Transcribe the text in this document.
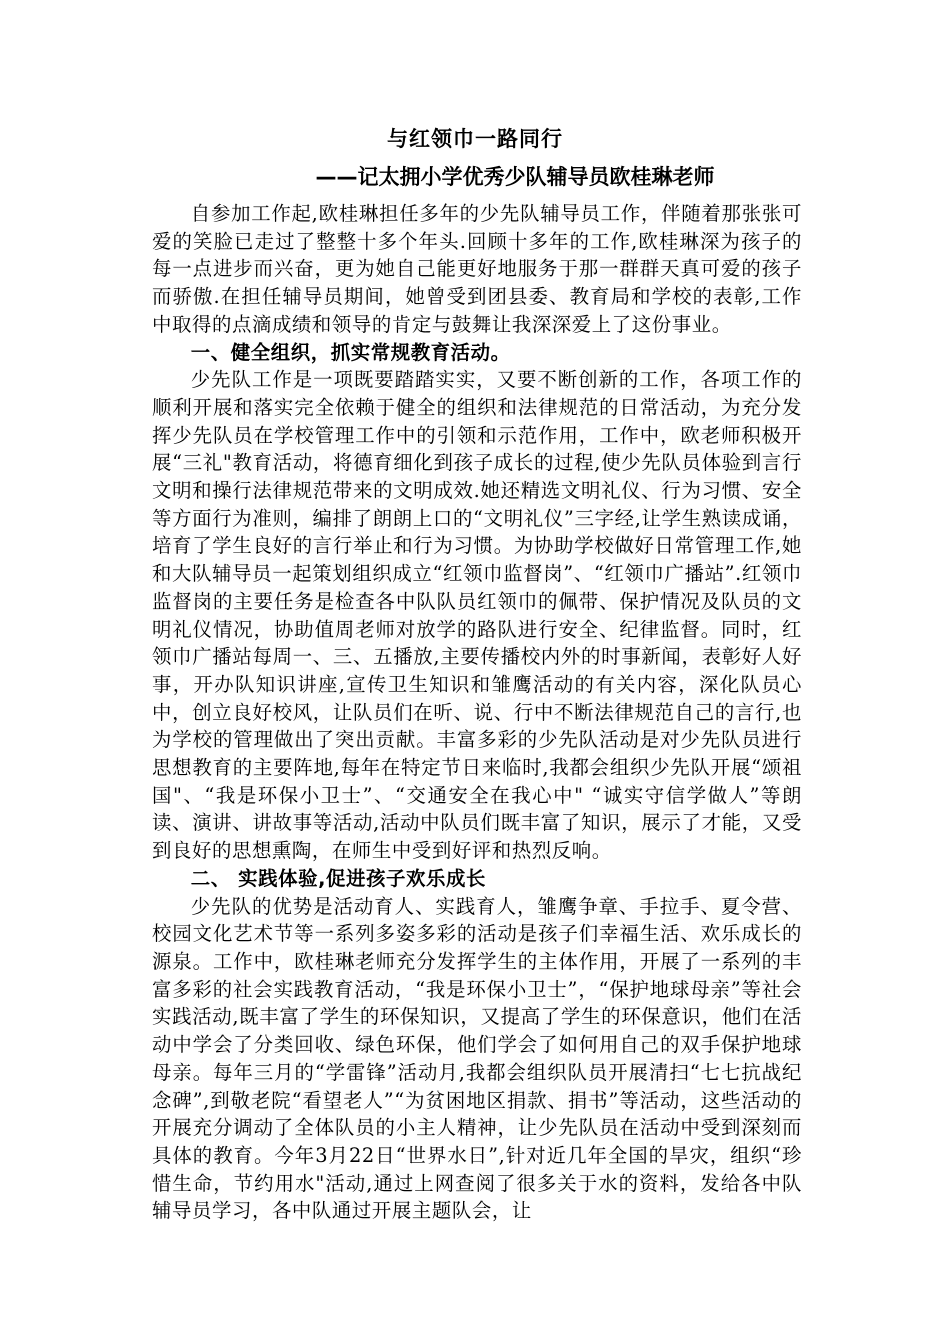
与红领巾一路同行
——记太拥小学优秀少队辅导员欧桂琳老师

自参加工作起,欧桂琳担任多年的少先队辅导员工作，伴随着那张张可爱的笑脸已走过了整整十多个年头.回顾十多年的工作,欧桂琳深为孩子的每一点进步而兴奋，更为她自己能更好地服务于那一群群天真可爱的孩子而骄傲.在担任辅导员期间，她曾受到团县委、教育局和学校的表彰,工作中取得的点滴成绩和领导的肯定与鼓舞让我深深爱上了这份事业。

一、健全组织，抓实常规教育活动。

少先队工作是一项既要踏踏实实，又要不断创新的工作，各项工作的顺利开展和落实完全依赖于健全的组织和法律规范的日常活动，为充分发挥少先队员在学校管理工作中的引领和示范作用，工作中，欧老师积极开展“三礼"教育活动，将德育细化到孩子成长的过程,使少先队员体验到言行文明和操行法律规范带来的文明成效.她还精选文明礼仪、行为习惯、安全等方面行为准则，编排了朗朗上口的“文明礼仪”三字经,让学生熟读成诵，培育了学生良好的言行举止和行为习惯。为协助学校做好日常管理工作,她和大队辅导员一起策划组织成立“红领巾监督岗”、“红领巾广播站”.红领巾监督岗的主要任务是检查各中队队员红领巾的佩带、保护情况及队员的文明礼仪情况，协助值周老师对放学的路队进行安全、纪律监督。同时，红领巾广播站每周一、三、五播放,主要传播校内外的时事新闻，表彰好人好事，开办队知识讲座,宣传卫生知识和雏鹰活动的有关内容，深化队员心中，创立良好校风，让队员们在听、说、行中不断法律规范自己的言行,也为学校的管理做出了突出贡献。丰富多彩的少先队活动是对少先队员进行思想教育的主要阵地,每年在特定节日来临时,我都会组织少先队开展“颂祖国"、“我是环保小卫士”、“交通安全在我心中" “诚实守信学做人”等朗读、演讲、讲故事等活动,活动中队员们既丰富了知识，展示了才能，又受到良好的思想熏陶，在师生中受到好评和热烈反响。

二、 实践体验,促进孩子欢乐成长

少先队的优势是活动育人、实践育人，雏鹰争章、手拉手、夏令营、校园文化艺术节等一系列多姿多彩的活动是孩子们幸福生活、欢乐成长的源泉。工作中，欧桂琳老师充分发挥学生的主体作用，开展了一系列的丰富多彩的社会实践教育活动，“我是环保小卫士”，“保护地球母亲”等社会实践活动,既丰富了学生的环保知识，又提高了学生的环保意识，他们在活动中学会了分类回收、绿色环保，他们学会了如何用自己的双手保护地球母亲。每年三月的“学雷锋”活动月,我都会组织队员开展清扫“七七抗战纪念碑”,到敬老院“看望老人”“为贫困地区捐款、捐书”等活动，这些活动的开展充分调动了全体队员的小主人精神，让少先队员在活动中受到深刻而具体的教育。今年3月22日“世界水日”,针对近几年全国的旱灾，组织“珍惜生命，节约用水"活动,通过上网查阅了很多关于水的资料，发给各中队辅导员学习，各中队通过开展主题队会，让
